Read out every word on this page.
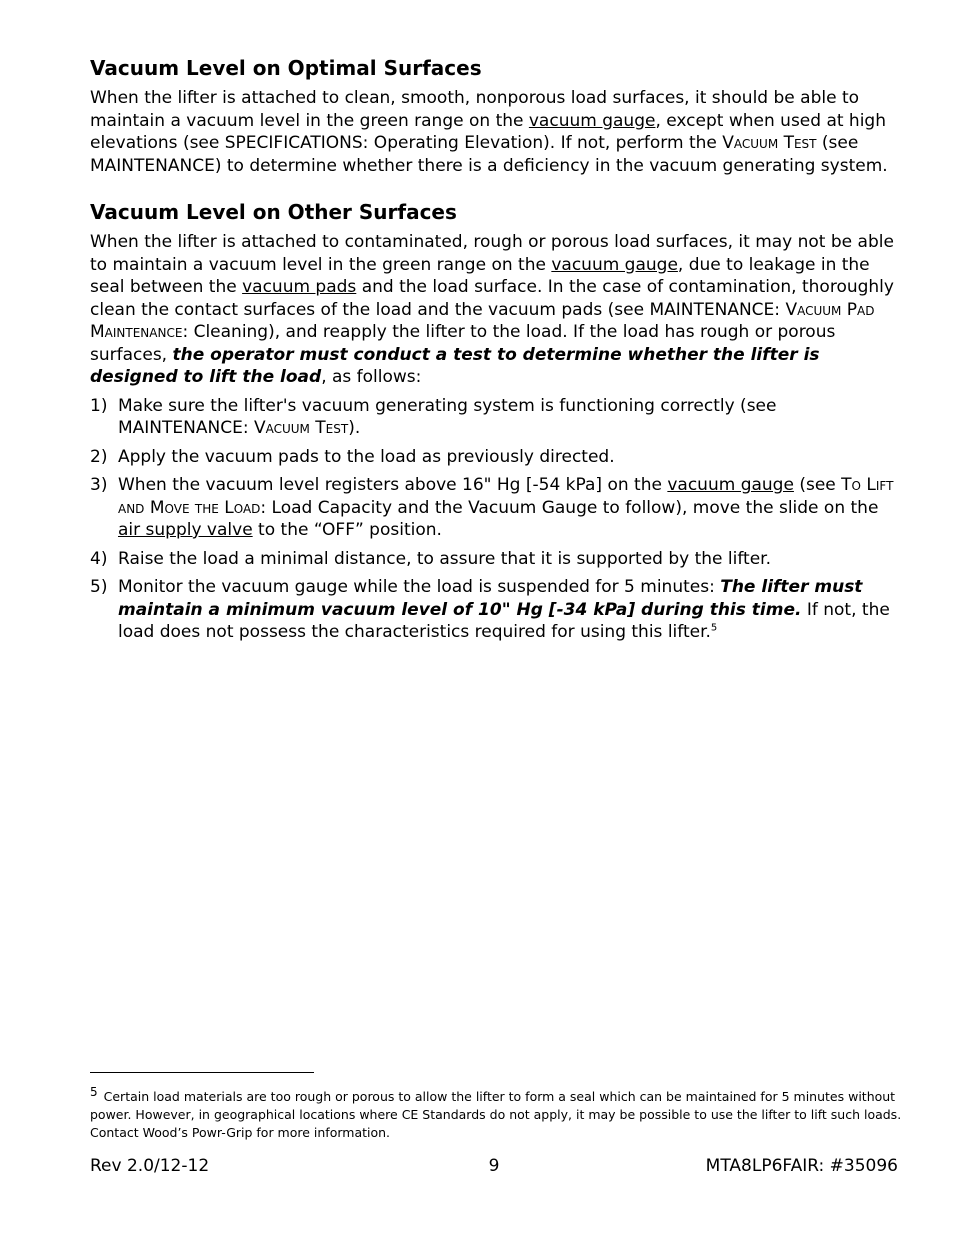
Vacuum Level on Optimal Surfaces

When the lifter is attached to clean, smooth, nonporous load surfaces, it should be able to maintain a vacuum level in the green range on the vacuum gauge, except when used at high elevations (see SPECIFICATIONS: Operating Elevation). If not, perform the Vacuum Test (see MAINTENANCE) to determine whether there is a deficiency in the vacuum generating system.

Vacuum Level on Other Surfaces

When the lifter is attached to contaminated, rough or porous load surfaces, it may not be able to maintain a vacuum level in the green range on the vacuum gauge, due to leakage in the seal between the vacuum pads and the load surface. In the case of contamination, thoroughly clean the contact surfaces of the load and the vacuum pads (see MAINTENANCE: Vacuum Pad Maintenance: Cleaning), and reapply the lifter to the load. If the load has rough or porous surfaces, the operator must conduct a test to determine whether the lifter is designed to lift the load, as follows:

1) Make sure the lifter's vacuum generating system is functioning correctly (see MAINTENANCE: Vacuum Test).
2) Apply the vacuum pads to the load as previously directed.
3) When the vacuum level registers above 16" Hg [-54 kPa] on the vacuum gauge (see To Lift and Move the Load: Load Capacity and the Vacuum Gauge to follow), move the slide on the air supply valve to the “OFF” position.
4) Raise the load a minimal distance, to assure that it is supported by the lifter.
5) Monitor the vacuum gauge while the load is suspended for 5 minutes: The lifter must maintain a minimum vacuum level of 10" Hg [-34 kPa] during this time. If not, the load does not possess the characteristics required for using this lifter.$^5$
5 Certain load materials are too rough or porous to allow the lifter to form a seal which can be maintained for 5 minutes without power. However, in geographical locations where CE Standards do not apply, it may be possible to use the lifter to lift such loads. Contact Wood’s Powr-Grip for more information.
Rev 2.0/12-12	9	MTA8LP6FAIR: #35096
